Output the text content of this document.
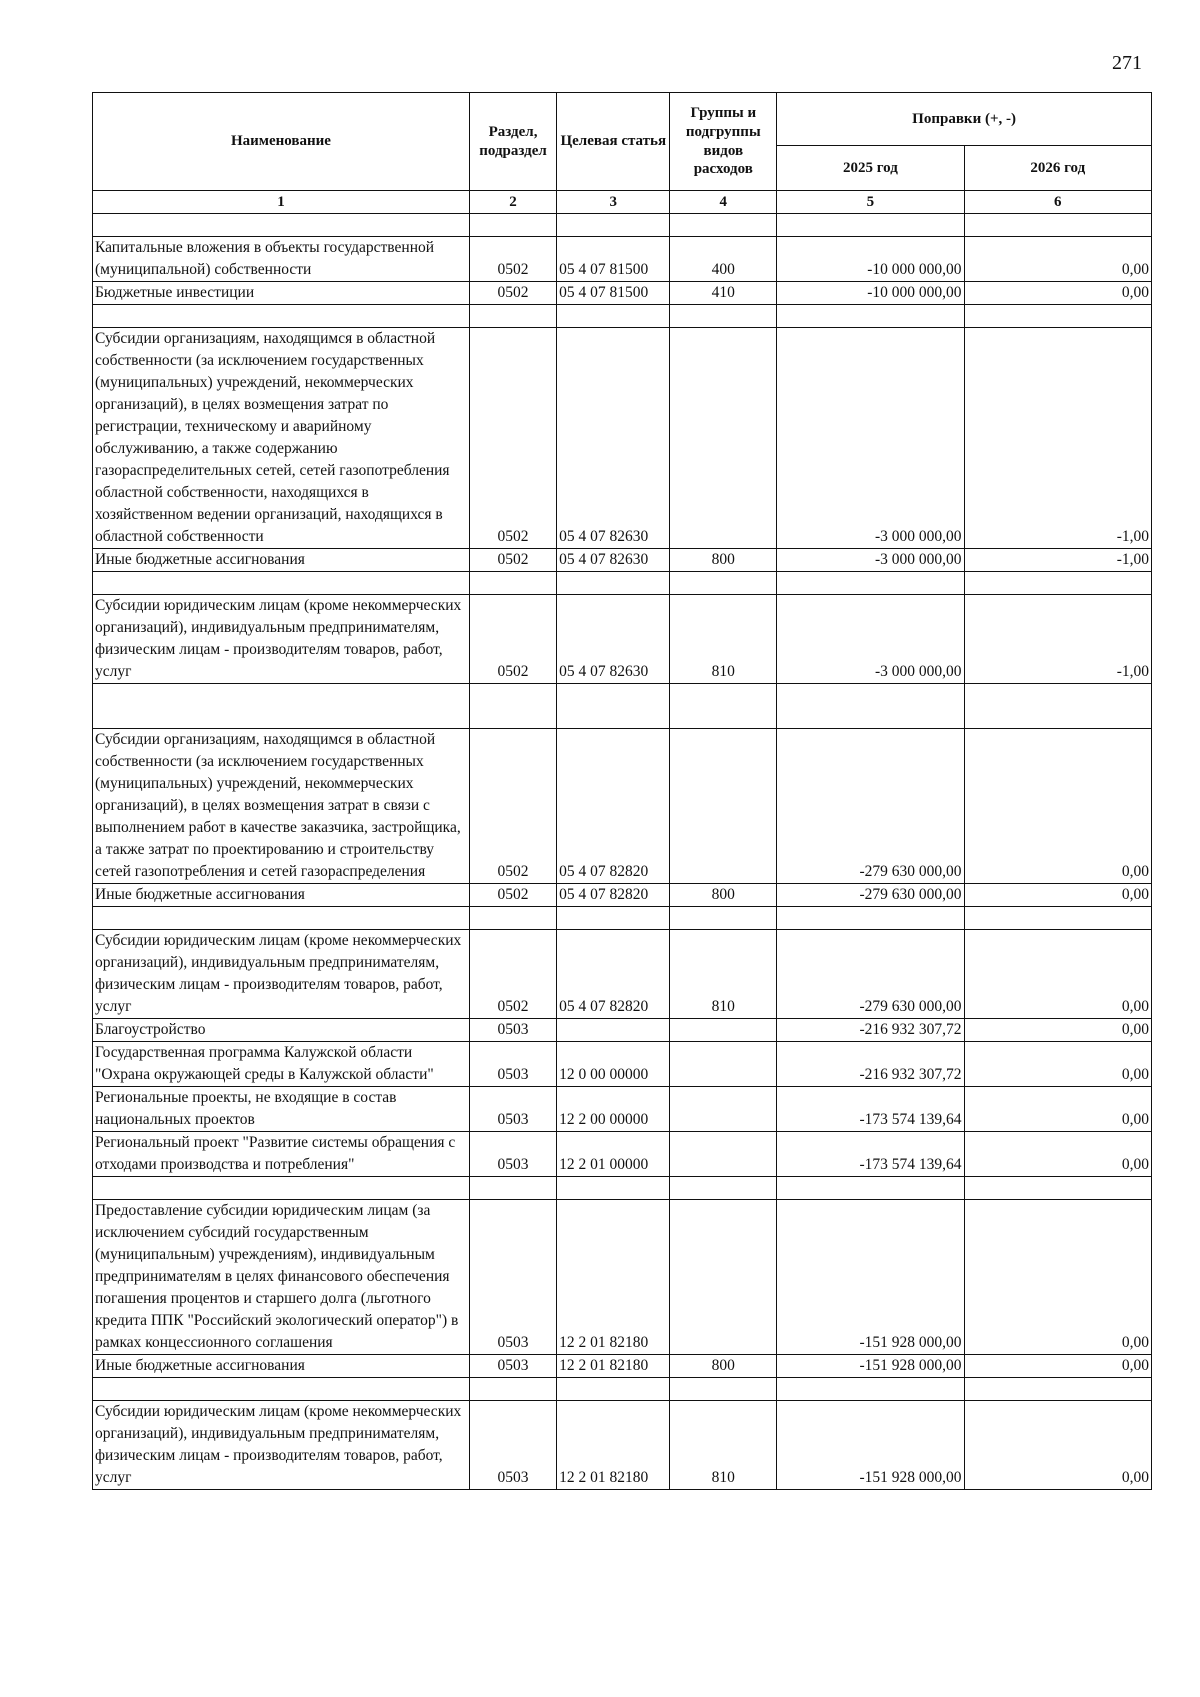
271
Наименование	Раздел, подраздел	Целевая статья	Группы и подгруппы видов расходов	Поправки (+, -)	
				2025 год	2026 год
1	2	3	4	5	6

Капитальные вложения в объекты государственной (муниципальной) собственности	0502	05 4 07 81500	400	-10 000 000,00	0,00
Бюджетные инвестиции	0502	05 4 07 81500	410	-10 000 000,00	0,00

Субсидии организациям, находящимся в областной собственности (за исключением государственных (муниципальных) учреждений, некоммерческих организаций), в целях возмещения затрат по регистрации, техническому и аварийному обслуживанию, а также содержанию газораспределительных сетей, сетей газопотребления областной собственности, находящихся в хозяйственном ведении организаций, находящихся в областной собственности	0502	05 4 07 82630		-3 000 000,00	-1,00
Иные бюджетные ассигнования	0502	05 4 07 82630	800	-3 000 000,00	-1,00

Субсидии юридическим лицам (кроме некоммерческих организаций), индивидуальным предпринимателям, физическим лицам - производителям товаров, работ, услуг	0502	05 4 07 82630	810	-3 000 000,00	-1,00

Субсидии организациям, находящимся в областной собственности (за исключением государственных (муниципальных) учреждений, некоммерческих организаций), в целях возмещения затрат в связи с выполнением работ в качестве заказчика, застройщика, а также затрат по проектированию и строительству сетей газопотребления и сетей газораспределения	0502	05 4 07 82820		-279 630 000,00	0,00
Иные бюджетные ассигнования	0502	05 4 07 82820	800	-279 630 000,00	0,00

Субсидии юридическим лицам (кроме некоммерческих организаций), индивидуальным предпринимателям, физическим лицам - производителям товаров, работ, услуг	0502	05 4 07 82820	810	-279 630 000,00	0,00
Благоустройство	0503			-216 932 307,72	0,00
Государственная программа Калужской области "Охрана окружающей среды в Калужской области"	0503	12 0 00 00000		-216 932 307,72	0,00
Региональные проекты, не входящие в состав национальных проектов	0503	12 2 00 00000		-173 574 139,64	0,00
Региональный проект "Развитие системы обращения с отходами производства и потребления"	0503	12 2 01 00000		-173 574 139,64	0,00

Предоставление субсидии юридическим лицам (за исключением субсидий государственным (муниципальным) учреждениям), индивидуальным предпринимателям в целях финансового обеспечения погашения процентов и старшего долга (льготного кредита ППК "Российский экологический оператор") в рамках концессионного соглашения	0503	12 2 01 82180		-151 928 000,00	0,00
Иные бюджетные ассигнования	0503	12 2 01 82180	800	-151 928 000,00	0,00

Субсидии юридическим лицам (кроме некоммерческих организаций), индивидуальным предпринимателям, физическим лицам - производителям товаров, работ, услуг	0503	12 2 01 82180	810	-151 928 000,00	0,00
